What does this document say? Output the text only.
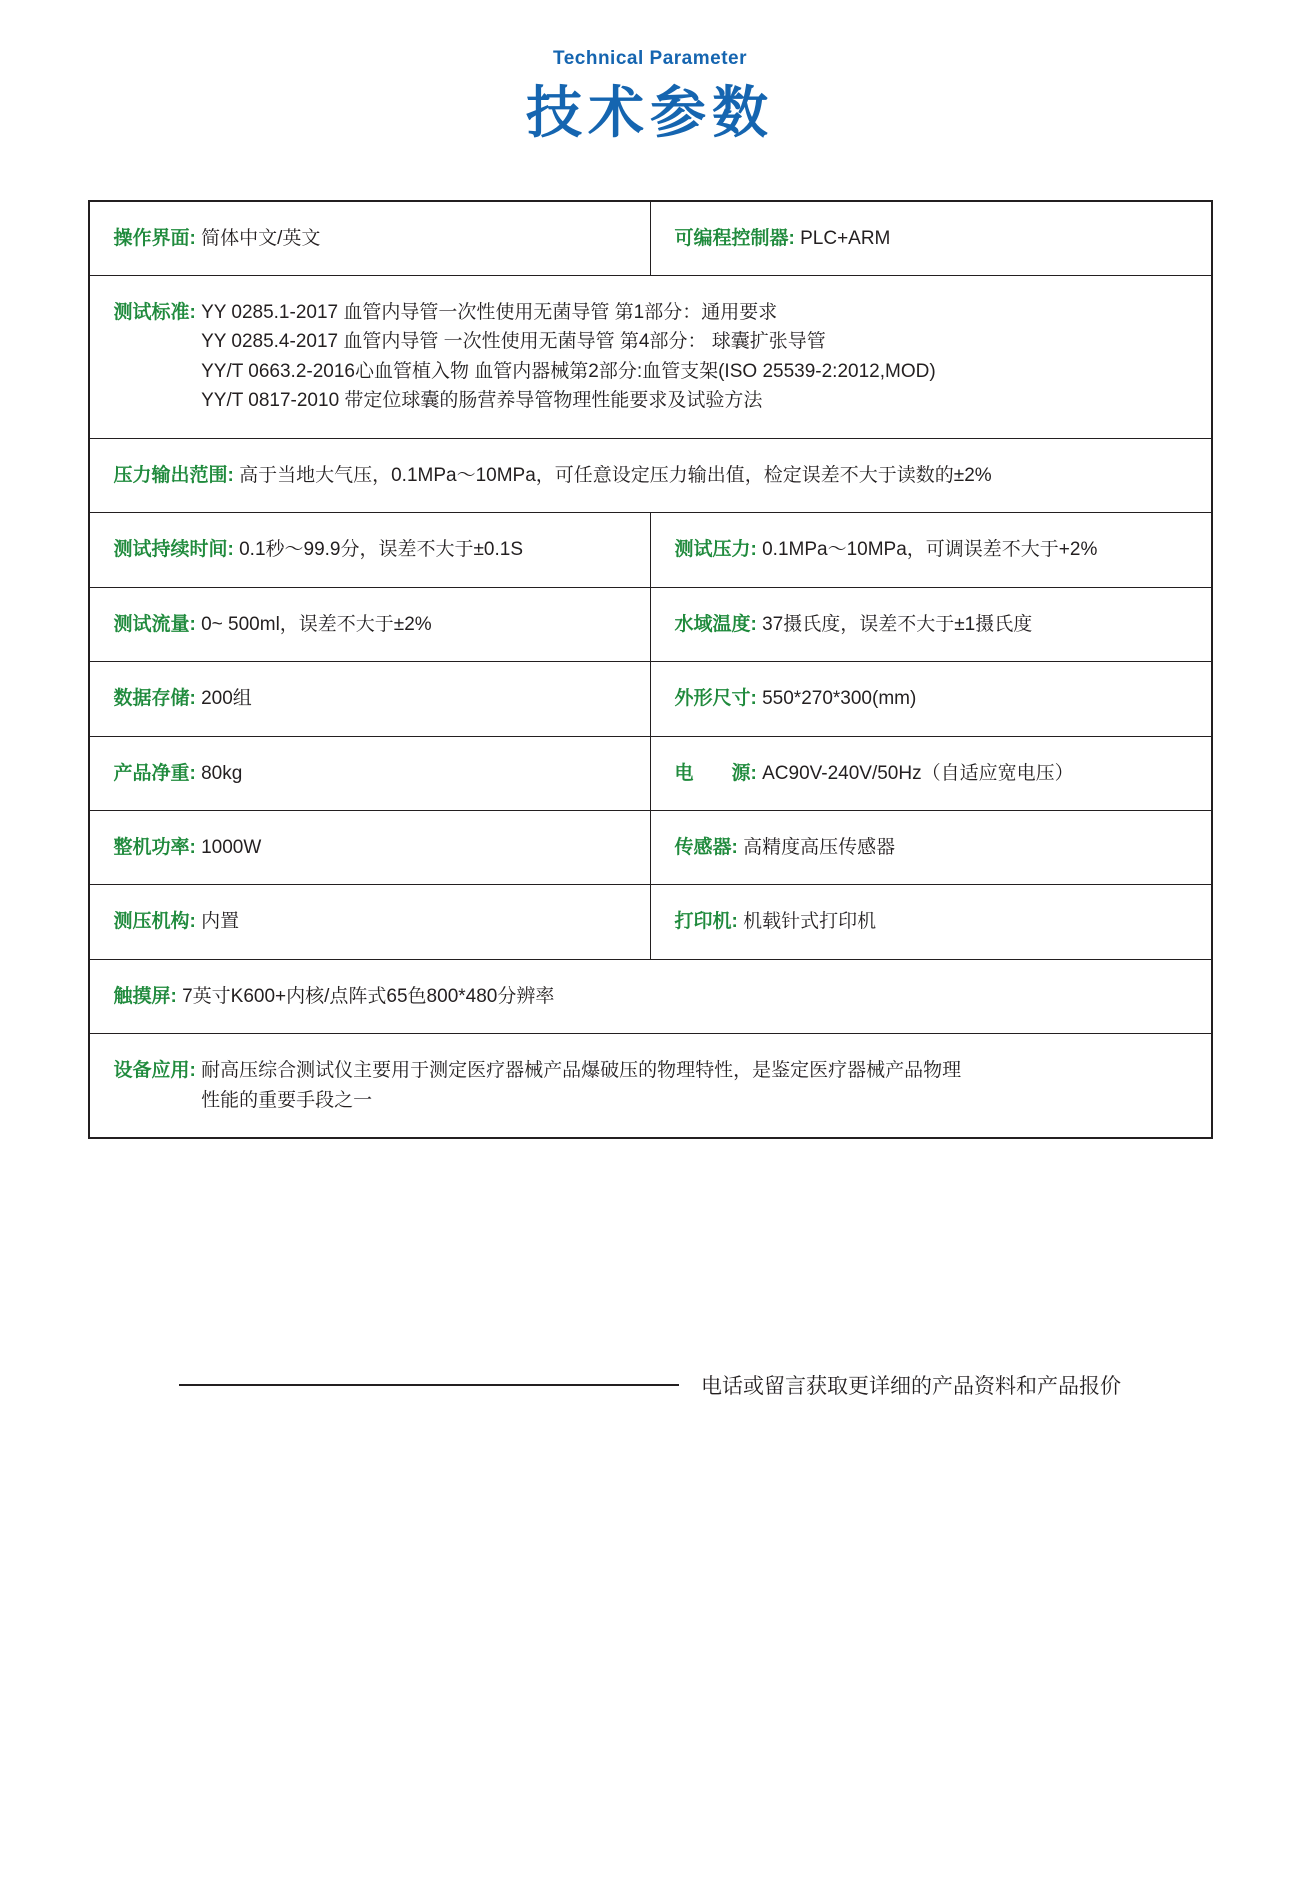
Technical Parameter
技术参数
操作界面: 简体中文/英文	可编程控制器: PLC+ARM
测试标准: YY 0285.1-2017 血管内导管一次性使用无菌导管 第1部分：通用要求
YY 0285.4-2017 血管内导管 一次性使用无菌导管 第4部分： 球囊扩张导管
YY/T 0663.2-2016心血管植入物 血管内器械第2部分:血管支架(ISO 25539-2:2012,MOD)
YY/T 0817-2010 带定位球囊的肠营养导管物理性能要求及试验方法	

压力输出范围: 高于当地大气压，0.1MPa～10MPa，可任意设定压力输出值，检定误差不大于读数的±2%	
测试持续时间: 0.1秒～99.9分，误差不大于±0.1S	测试压力: 0.1MPa～10MPa，可调误差不大于+2%
测试流量: 0~ 500ml，误差不大于±2%	水域温度: 37摄氏度，误差不大于±1摄氏度
数据存储: 200组	外形尺寸: 550*270*300(mm)
产品净重: 80kg	电　　源: AC90V-240V/50Hz（自适应宽电压）
整机功率: 1000W	传感器: 高精度高压传感器
测压机构: 内置	打印机: 机载针式打印机
触摸屏: 7英寸K600+内核/点阵式65色800*480分辨率	
设备应用: 耐高压综合测试仪主要用于测定医疗器械产品爆破压的物理特性，是鉴定医疗器械产品物理
性能的重要手段之一	
电话或留言获取更详细的产品资料和产品报价
